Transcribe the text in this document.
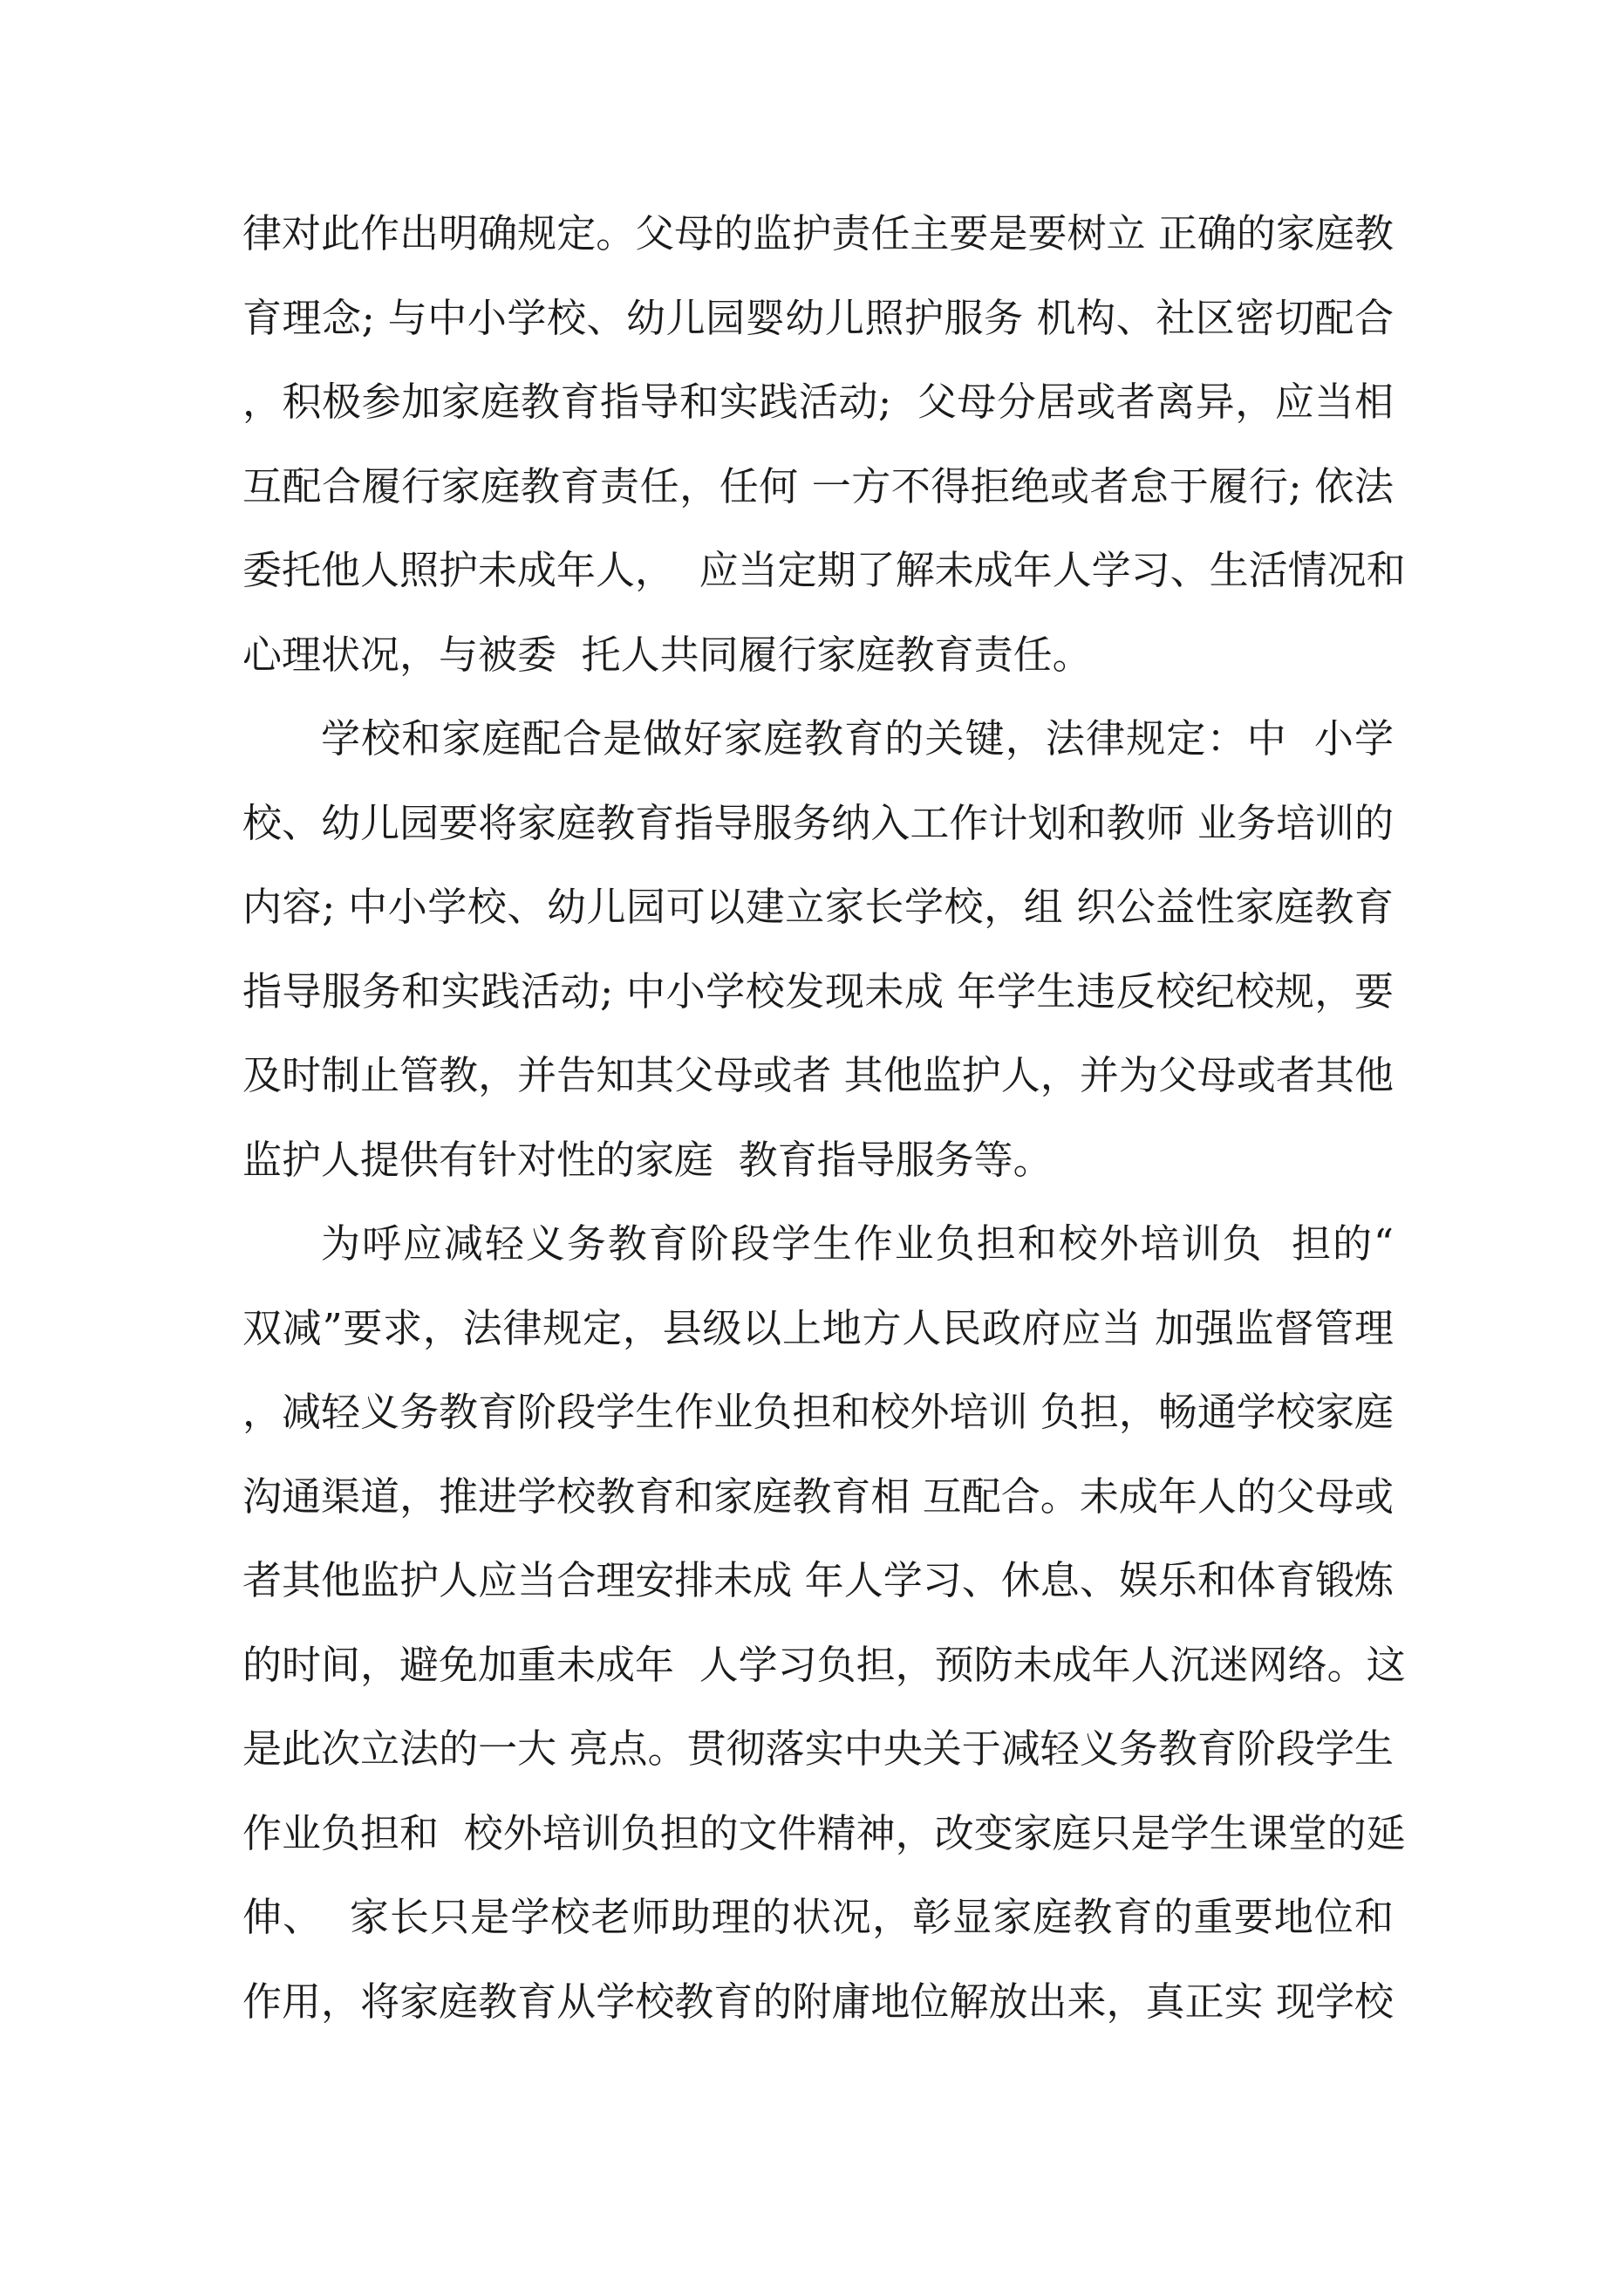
律对此作出明确规定。父母的监护责任主要是要树立 正确的家庭教
育理念; 与中小学校、幼儿园婴幼儿照护服务 机构、社区密切配合
，积极参加家庭教育指导和实践活动;  父母分居或者离异，应当相
互配合履行家庭教育责任，任何 一方不得拒绝或者怠于履行; 依法
委托他人照护未成年人，  应当定期了解未成年人学习、生活情况和
心理状况，与被委  托人共同履行家庭教育责任。
学校和家庭配合是做好家庭教育的关键，法律规定：中  小学
校、幼儿园要将家庭教育指导服务纳入工作计划和教师 业务培训的
内容; 中小学校、幼儿园可以建立家长学校，组 织公益性家庭教育
指导服务和实践活动; 中小学校发现未成 年学生违反校纪校规，要
及时制止管教，并告知其父母或者 其他监护人，并为父母或者其他
监护人提供有针对性的家庭  教育指导服务等。
为呼应减轻义务教育阶段学生作业负担和校外培训负  担的“
双减”要求，法律规定，县级以上地方人民政府应当 加强监督管理
，减轻义务教育阶段学生作业负担和校外培训 负担，畅通学校家庭
沟通渠道，推进学校教育和家庭教育相 互配合。未成年人的父母或
者其他监护人应当合理安排未成 年人学习、休息、娱乐和体育锻炼
的时间，避免加重未成年  人学习负担，预防未成年人沉迷网络。这
是此次立法的一大 亮点。贯彻落实中央关于减轻义务教育阶段学生
作业负担和  校外培训负担的文件精神，改变家庭只是学生课堂的延
伸、  家长只是学校老师助理的状况，彰显家庭教育的重要地位和
作用，将家庭教育从学校教育的附庸地位解放出来，真正实 现学校
